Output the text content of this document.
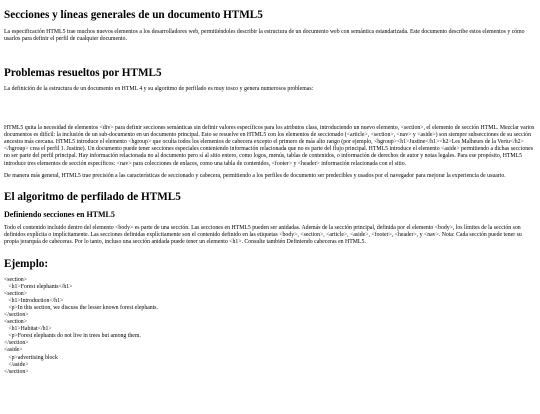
Secciones y líneas generales de un documento HTML5

La especificación HTML5 trae muchos nuevos elementos a los desarrolladores web, permitiéndoles describir la estructura de un documento web con semántica estandarizada. Este documento describe estos elementos y cómo usarlos para definir el perfil de cualquier documento.

Problemas resueltos por HTML5

La definición de la estructura de un documento en HTML 4 y su algoritmo de perfilado es muy tosco y genera numerosos problemas:

HTML5 quita la necesidad de elementos <div> para definir secciones semánticas sin definir valores específicos para los atributos class, introduciendo un nuevo elemento, <section>, el elemento de sección HTML. Mezclar varios documentos es difícil: la inclusión de un sub-documento en un documento principal. Esto se resuelve en HTML5 con los elementos de seccionado (<article>, <section>, <nav> y <aside>) son siempre subsecciones de su sección ancestra más cercana. HTML5 introduce el elemento <hgroup> que oculta todos los elementos de cabecera excepto el primero de más alto rango (por ejemplo, <hgroup><h1>Justine</h1><h2>Les Malheurs de la Vertu</h2></hgroup> crea el perfil 1. Justine). Un documento puede tener secciones especiales conteniendo información relacionada que no es parte del flujo principal. HTML5 introduce el elemento <aside> permitiendo a dichas secciones no ser parte del perfil principal. Hay información relacionada no al documento pero sí al sitio entero, como logos, menús, tablas de contenidos, o información de derechos de autor y notas legales. Para ese propósito, HTML5 introduce tres elementos de sección específicos: <nav> para colecciones de enlaces, como una tabla de contenidos, <footer> y <header> información relacionada con el sitio.

De manera más general, HTML5 trae precisión a las características de seccionado y cabecera, permitiendo a los perfiles de documento ser predecibles y usados por el navegador para mejorar la experiencia de usuario.

El algoritmo de perfilado de HTML5
Definiendo secciones en HTML5

Todo el contenido incluido dentro del elemento <body> es parte de una sección. Las secciones en HTML5 pueden ser anidadas. Además de la sección principal, definida por el elemento <body>, los límites de la sección son definidos explícita o implícitamente. Las secciones definidas explícitamente son el contenido definido en las etiquetas <body>, <section>, <article>, <aside>, <footer>, <header>, y <nav>. Nota: Cada sección puede tener su propia jerarquía de cabeceras. Por lo tanto, incluso una sección anidada puede tener un elemento <h1>. Consulte también Definiendo cabeceras en HTML5.

Ejemplo:
<section>
<h1>Forest elephants</h1>
<section>
<h1>Introduction</h1>
<p>In this section, we discuss the lesser known forest elephants.
</section>
<section>
<h1>Habitat</h1>
<p>Forest elephants do not live in trees but among them.
</section>
<aside>
<p>advertising block
</aside>
</section>
